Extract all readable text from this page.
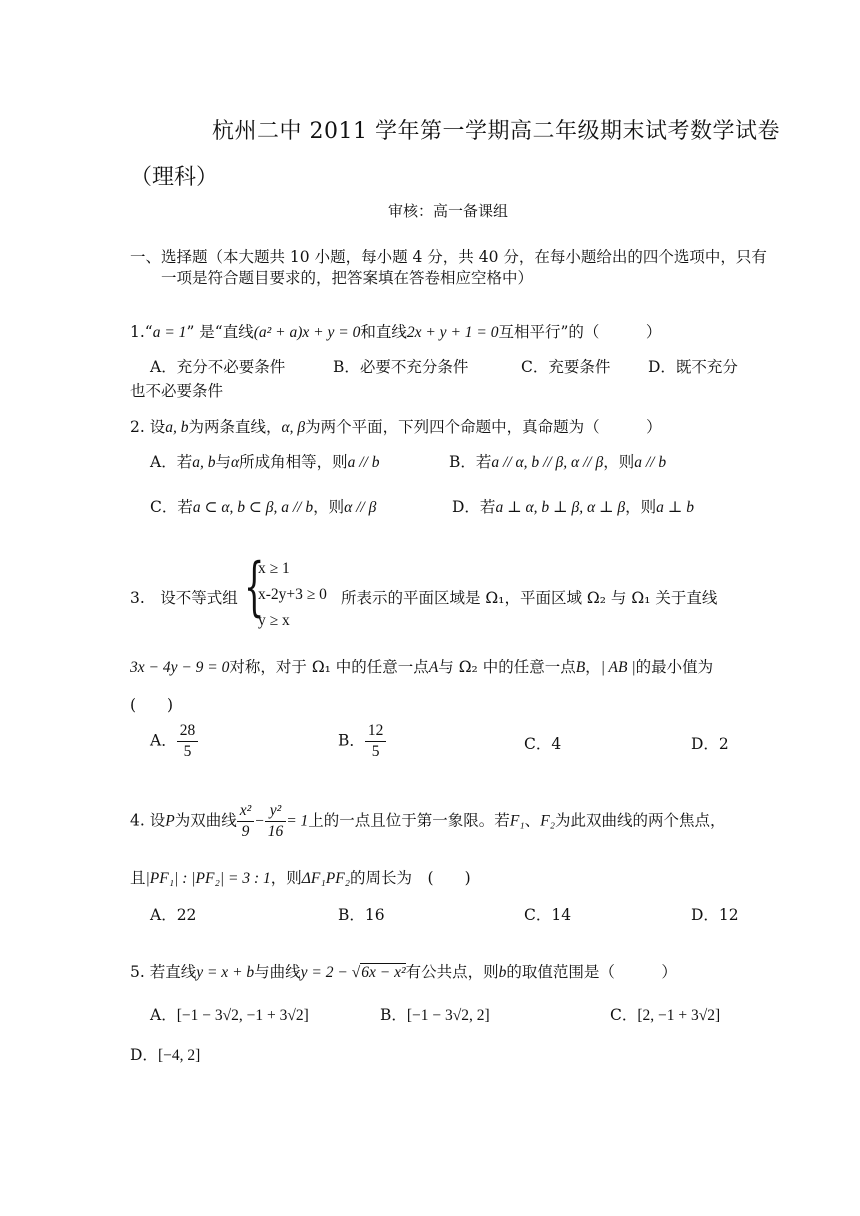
杭州二中 2011 学年第一学期高二年级期末试考数学试卷
（理科）
审核：高一备课组
一、选择题（本大题共 10 小题，每小题 4 分，共 40 分，在每小题给出的四个选项中，只有
一项是符合题目要求的，把答案填在答卷相应空格中）
1.“a = 1” 是“直线(a² + a)x + y = 0和直线2x + y + 1 = 0互相平行”的（　　　）
A．充分不必要条件	B．必要不充分条件	C．充要条件 D．既不充分
也不必要条件
2. 设a, b为两条直线，α, β为两个平面，下列四个命题中，真命题为（　　　）
A．若a, b与α所成角相等，则a // b	B．若a // α, b // β, α // β，则a // b
C．若a ⊂ α, b ⊂ β, a // b，则α // β	D．若a ⊥ α, b ⊥ β, α ⊥ β，则a ⊥ b
3.　设不等式组 {
x ≥ 1
x-2y+3 ≥ 0
y ≥ x
所表示的平面区域是 Ω₁，平面区域 Ω₂ 与 Ω₁ 关于直线
3x − 4y − 9 = 0对称，对于 Ω₁ 中的任意一点A与 Ω₂ 中的任意一点B，| AB |的最小值为
(　　)
A． $\frac{28}{5}$	B． $\frac{12}{5}$	C．4	D．2
4. 设P为双曲线 $\frac{\text{x²}}{9} - \frac{\text{y²}}{16} = 1$上的一点且位于第一象限。若F₁、F₂为此双曲线的两个焦点，
且|PF₁| : |PF₂| = 3 : 1，则ΔF₁PF₂的周长为　(　　)
A．22	B．16	C．14	D．12
5. 若直线y = x + b与曲线y = 2 − √6x − x²有公共点，则b的取值范围是（　　　）
A．[−1 − 3√2, −1 + 3√2]	B．[−1 − 3√2, 2]	C．[2, −1 + 3√2]
D．[−4, 2]
